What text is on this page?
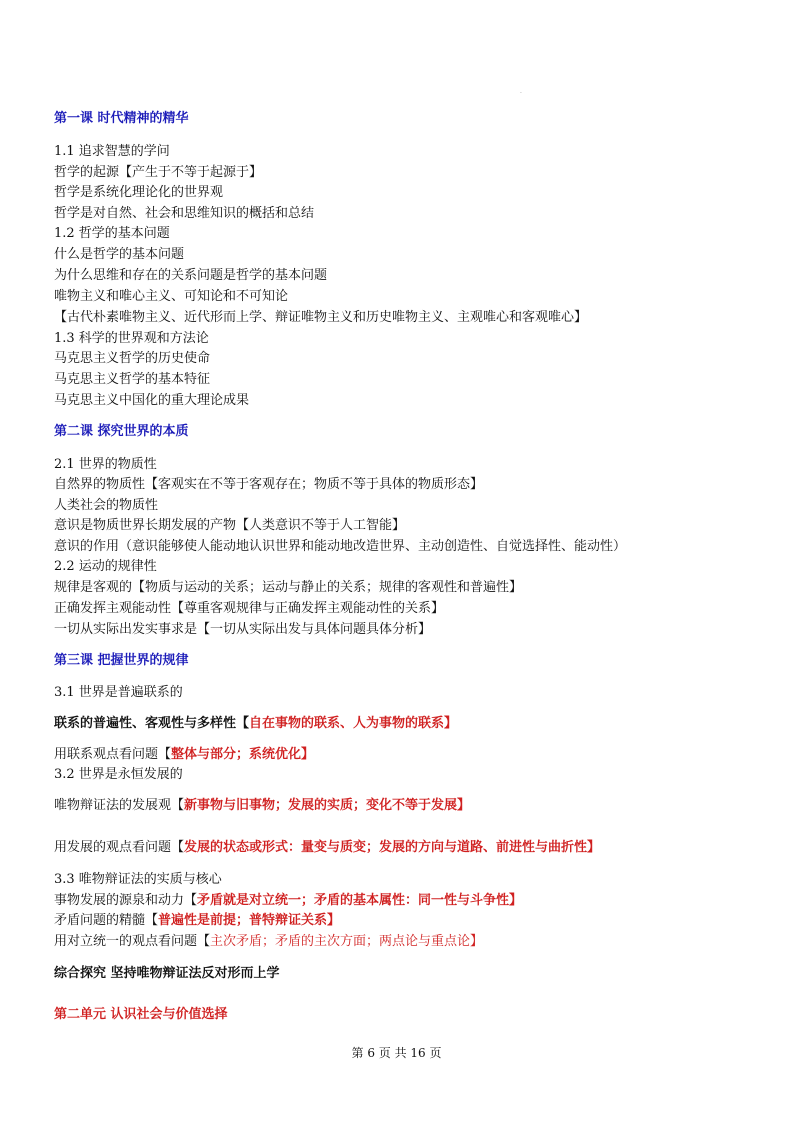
.
第一课 时代精神的精华
1.1 追求智慧的学问
哲学的起源【产生于不等于起源于】
哲学是系统化理论化的世界观
哲学是对自然、社会和思维知识的概括和总结
1.2 哲学的基本问题
什么是哲学的基本问题
为什么思维和存在的关系问题是哲学的基本问题
唯物主义和唯心主义、可知论和不可知论
【古代朴素唯物主义、近代形而上学、辩证唯物主义和历史唯物主义、主观唯心和客观唯心】
1.3 科学的世界观和方法论
马克思主义哲学的历史使命
马克思主义哲学的基本特征
马克思主义中国化的重大理论成果
第二课 探究世界的本质
2.1 世界的物质性
自然界的物质性【客观实在不等于客观存在；物质不等于具体的物质形态】
人类社会的物质性
意识是物质世界长期发展的产物【人类意识不等于人工智能】
意识的作用（意识能够使人能动地认识世界和能动地改造世界、主动创造性、自觉选择性、能动性）
2.2 运动的规律性
规律是客观的【物质与运动的关系；运动与静止的关系；规律的客观性和普遍性】
正确发挥主观能动性【尊重客观规律与正确发挥主观能动性的关系】
一切从实际出发实事求是【一切从实际出发与具体问题具体分析】
第三课 把握世界的规律
3.1 世界是普遍联系的
联系的普遍性、客观性与多样性【自在事物的联系、人为事物的联系】
用联系观点看问题【整体与部分；系统优化】
3.2 世界是永恒发展的
唯物辩证法的发展观【新事物与旧事物；发展的实质；变化不等于发展】
用发展的观点看问题【发展的状态或形式：量变与质变；发展的方向与道路、前进性与曲折性】
3.3 唯物辩证法的实质与核心
事物发展的源泉和动力【矛盾就是对立统一；矛盾的基本属性：同一性与斗争性】
矛盾问题的精髓【普遍性是前提；普特辩证关系】
用对立统一的观点看问题【主次矛盾；矛盾的主次方面；两点论与重点论】
综合探究 坚持唯物辩证法反对形而上学
第二单元 认识社会与价值选择
第 6 页 共 16 页
